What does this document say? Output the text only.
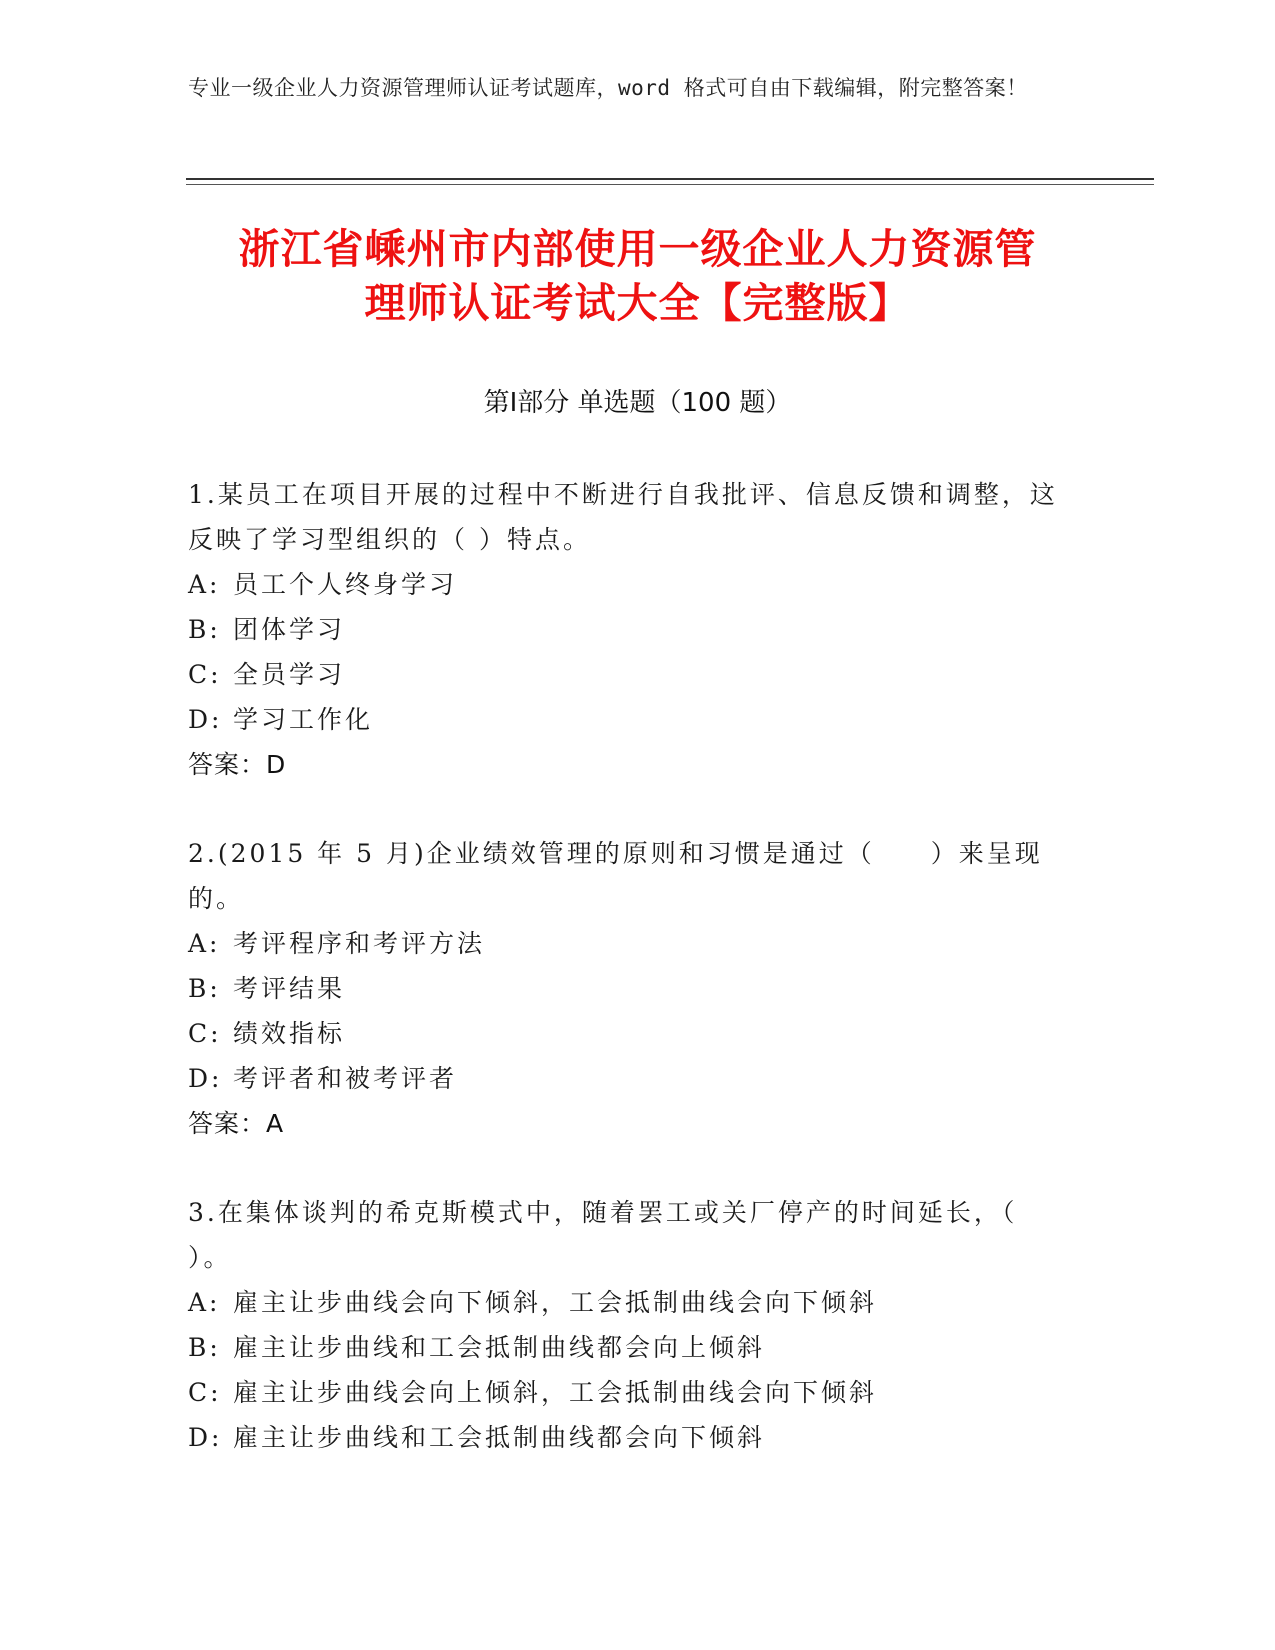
专业一级企业人力资源管理师认证考试题库，word 格式可自由下载编辑，附完整答案！
浙江省嵊州市内部使用一级企业人力资源管
理师认证考试大全【完整版】
第Ⅰ部分 单选题（100 题）
1.某员工在项目开展的过程中不断进行自我批评、信息反馈和调整，这反映了学习型组织的（ ）特点。
A: 员工个人终身学习
B: 团体学习
C: 全员学习
D: 学习工作化
答案：D
2.(2015 年 5 月)企业绩效管理的原则和习惯是通过（　　）来呈现的。
A: 考评程序和考评方法
B: 考评结果
C: 绩效指标
D: 考评者和被考评者
答案：A
3.在集体谈判的希克斯模式中，随着罢工或关厂停产的时间延长，（ ）。
A: 雇主让步曲线会向下倾斜，工会抵制曲线会向下倾斜
B: 雇主让步曲线和工会抵制曲线都会向上倾斜
C: 雇主让步曲线会向上倾斜，工会抵制曲线会向下倾斜
D: 雇主让步曲线和工会抵制曲线都会向下倾斜
